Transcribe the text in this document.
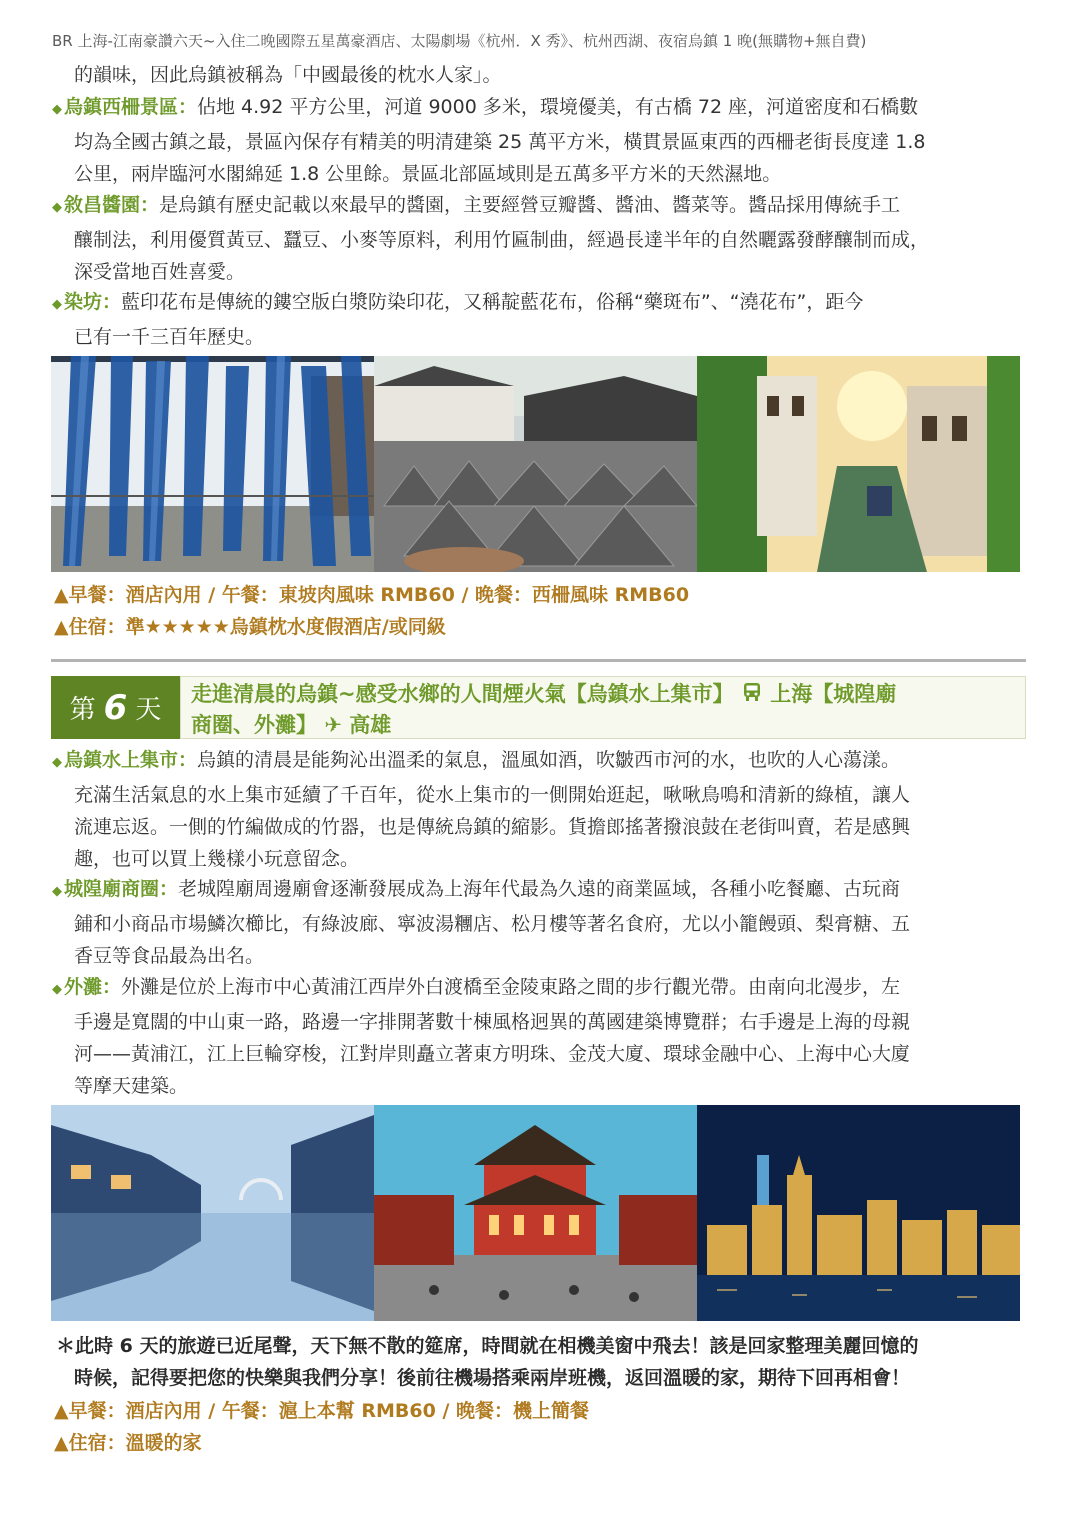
BR 上海-江南豪讚六天~入住二晚國際五星萬豪酒店、太陽劇場《杭州．X 秀》、杭州西湖、夜宿烏鎮 1 晚(無購物+無自費)
的韻味，因此烏鎮被稱為「中國最後的枕水人家」。
◆ 烏鎮西柵景區：佔地 4.92 平方公里，河道 9000 多米，環境優美，有古橋 72 座，河道密度和石橋數
均為全國古鎮之最，景區內保存有精美的明清建築 25 萬平方米，橫貫景區東西的西柵老街長度達 1.8
公里，兩岸臨河水閣綿延 1.8 公里餘。景區北部區域則是五萬多平方米的天然濕地。
◆ 敘昌醬園：是烏鎮有歷史記載以來最早的醬園，主要經營豆瓣醬、醬油、醬菜等。醬品採用傳統手工
釀制法，利用優質黃豆、蠶豆、小麥等原料，利用竹匾制曲，經過長達半年的自然曬露發酵釀制而成，
深受當地百姓喜愛。
◆ 染坊：藍印花布是傳統的鏤空版白漿防染印花，又稱靛藍花布，俗稱“藥斑布”、“澆花布”，距今
已有一千三百年歷史。
▲早餐：酒店內用 / 午餐：東坡肉風味 RMB60 / 晚餐：西柵風味 RMB60
▲住宿：準★★★★★烏鎮枕水度假酒店/或同級
第 6 天
走進清晨的烏鎮~感受水鄉的人間煙火氣【烏鎮水上集市】 上海【城隍廟
商圈、外灘】 ✈ 高雄
◆ 烏鎮水上集市：烏鎮的清晨是能夠沁出溫柔的氣息，溫風如酒，吹皺西市河的水，也吹的人心蕩漾。
充滿生活氣息的水上集市延續了千百年，從水上集市的一側開始逛起，啾啾鳥鳴和清新的綠植，讓人
流連忘返。一側的竹編做成的竹器，也是傳統烏鎮的縮影。貨擔郎搖著撥浪鼓在老街叫賣，若是感興
趣，也可以買上幾樣小玩意留念。
◆ 城隍廟商圈：老城隍廟周邊廟會逐漸發展成為上海年代最為久遠的商業區域，各種小吃餐廳、古玩商
鋪和小商品市場鱗次櫛比，有綠波廊、寧波湯糰店、松月樓等著名食府，尤以小籠饅頭、梨膏糖、五
香豆等食品最為出名。
◆ 外灘：外灘是位於上海市中心黃浦江西岸外白渡橋至金陵東路之間的步行觀光帶。由南向北漫步，左
手邊是寬闊的中山東一路，路邊一字排開著數十棟風格迥異的萬國建築博覽群；右手邊是上海的母親
河——黃浦江，江上巨輪穿梭，江對岸則矗立著東方明珠、金茂大廈、環球金融中心、上海中心大廈
等摩天建築。
＊此時 6 天的旅遊已近尾聲，天下無不散的筵席，時間就在相機美窗中飛去！該是回家整理美麗回憶的
時候，記得要把您的快樂與我們分享！後前往機場搭乘兩岸班機，返回溫暖的家，期待下回再相會！
▲早餐：酒店內用 / 午餐：滬上本幫 RMB60 / 晚餐：機上簡餐
▲住宿：溫暖的家
